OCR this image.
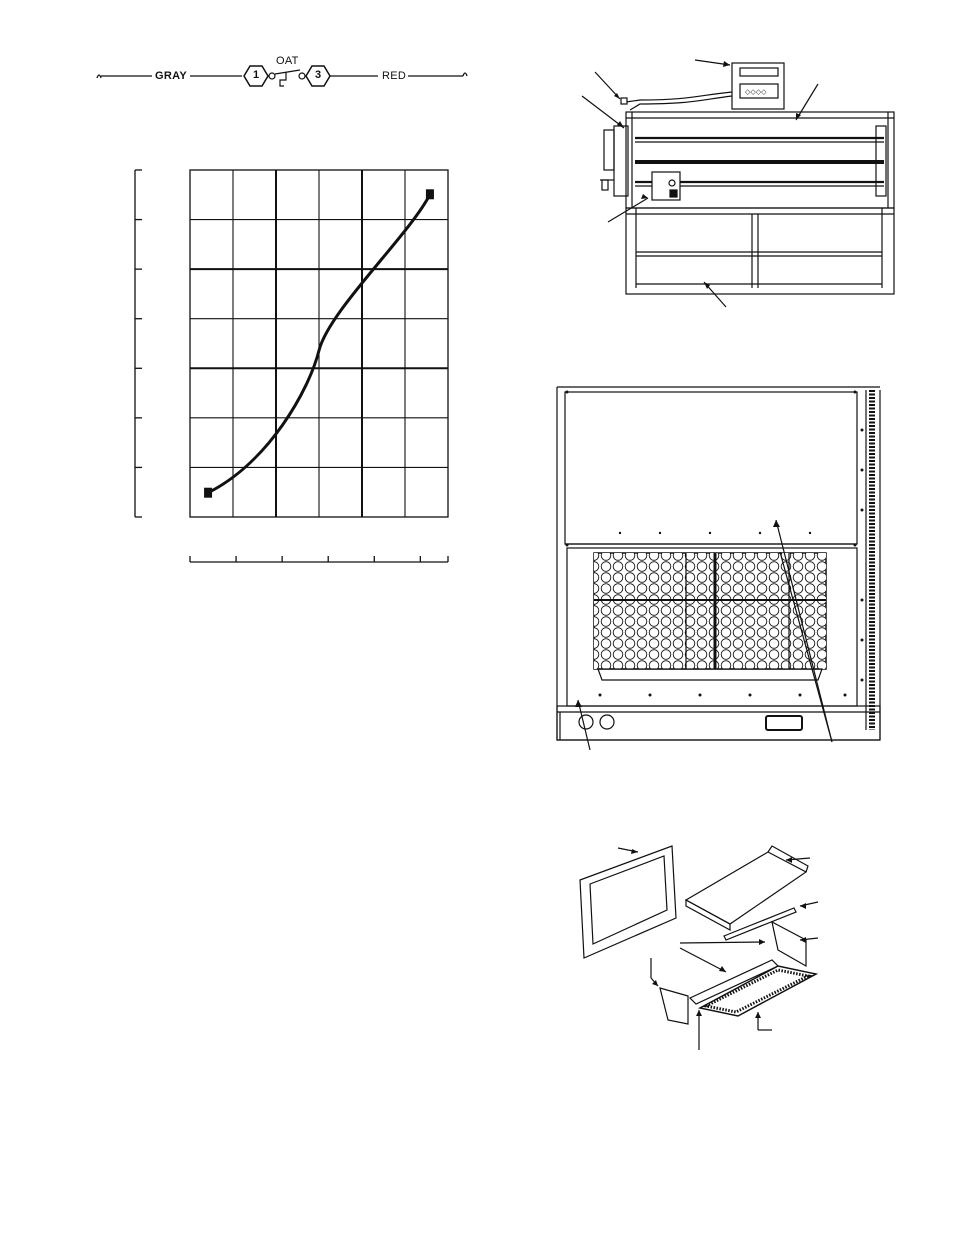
GRAY	RED
OAT
1	3
◇◇◇◇
